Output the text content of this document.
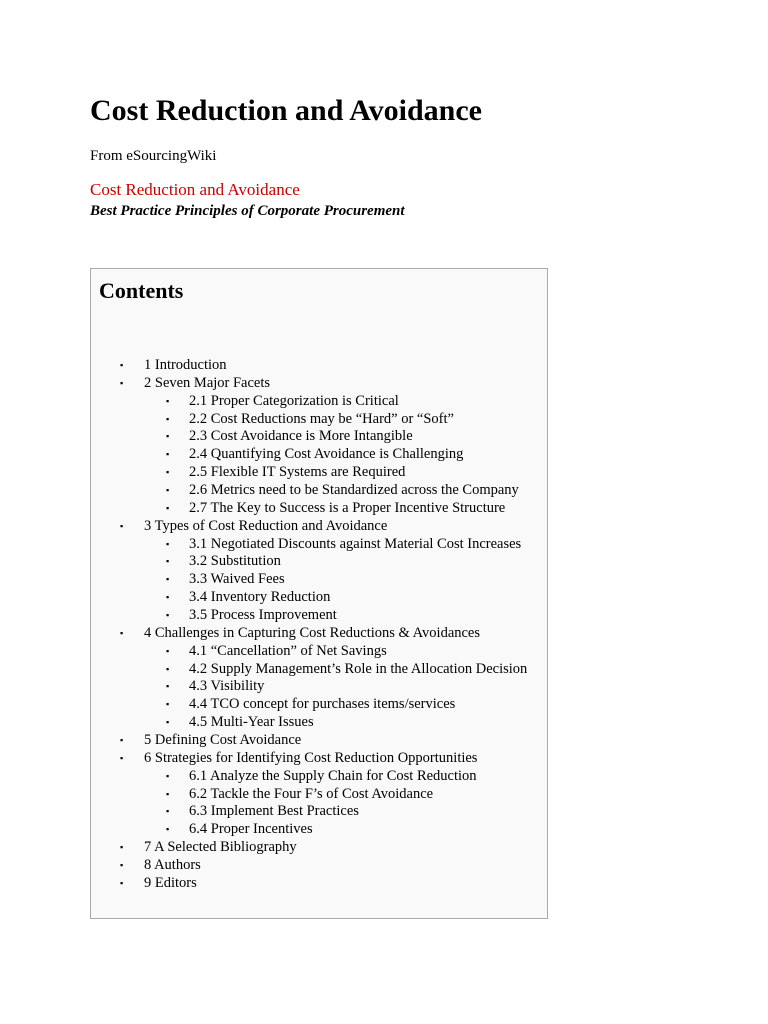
Cost Reduction and Avoidance
From eSourcingWiki
Cost Reduction and Avoidance
Best Practice Principles of Corporate Procurement
Contents
▪ 1 Introduction
▪ 2 Seven Major Facets
▪ 2.1 Proper Categorization is Critical
▪ 2.2 Cost Reductions may be “Hard” or “Soft”
▪ 2.3 Cost Avoidance is More Intangible
▪ 2.4 Quantifying Cost Avoidance is Challenging
▪ 2.5 Flexible IT Systems are Required
▪ 2.6 Metrics need to be Standardized across the Company
▪ 2.7 The Key to Success is a Proper Incentive Structure
▪ 3 Types of Cost Reduction and Avoidance
▪ 3.1 Negotiated Discounts against Material Cost Increases
▪ 3.2 Substitution
▪ 3.3 Waived Fees
▪ 3.4 Inventory Reduction
▪ 3.5 Process Improvement
▪ 4 Challenges in Capturing Cost Reductions & Avoidances
▪ 4.1 “Cancellation” of Net Savings
▪ 4.2 Supply Management’s Role in the Allocation Decision
▪ 4.3 Visibility
▪ 4.4 TCO concept for purchases items/services
▪ 4.5 Multi-Year Issues
▪ 5 Defining Cost Avoidance
▪ 6 Strategies for Identifying Cost Reduction Opportunities
▪ 6.1 Analyze the Supply Chain for Cost Reduction
▪ 6.2 Tackle the Four F’s of Cost Avoidance
▪ 6.3 Implement Best Practices
▪ 6.4 Proper Incentives
▪ 7 A Selected Bibliography
▪ 8 Authors
▪ 9 Editors
